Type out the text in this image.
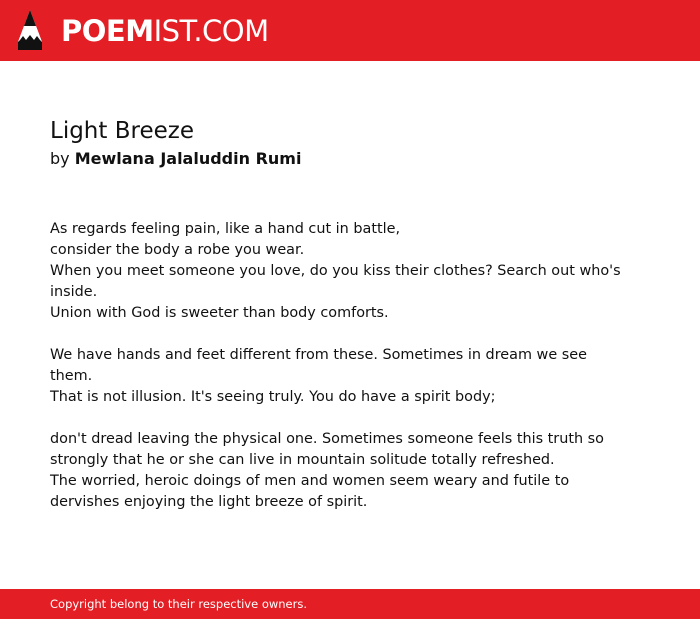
POEMIST.COM
Light Breeze
by Mewlana Jalaluddin Rumi
As regards feeling pain, like a hand cut in battle,
consider the body a robe you wear.
When you meet someone you love, do you kiss their clothes? Search out who's
inside.
Union with God is sweeter than body comforts.
We have hands and feet different from these. Sometimes in dream we see
them.
That is not illusion. It's seeing truly. You do have a spirit body;
don't dread leaving the physical one. Sometimes someone feels this truth so
strongly that he or she can live in mountain solitude totally refreshed.
The worried, heroic doings of men and women seem weary and futile to
dervishes enjoying the light breeze of spirit.
Copyright belong to their respective owners.
